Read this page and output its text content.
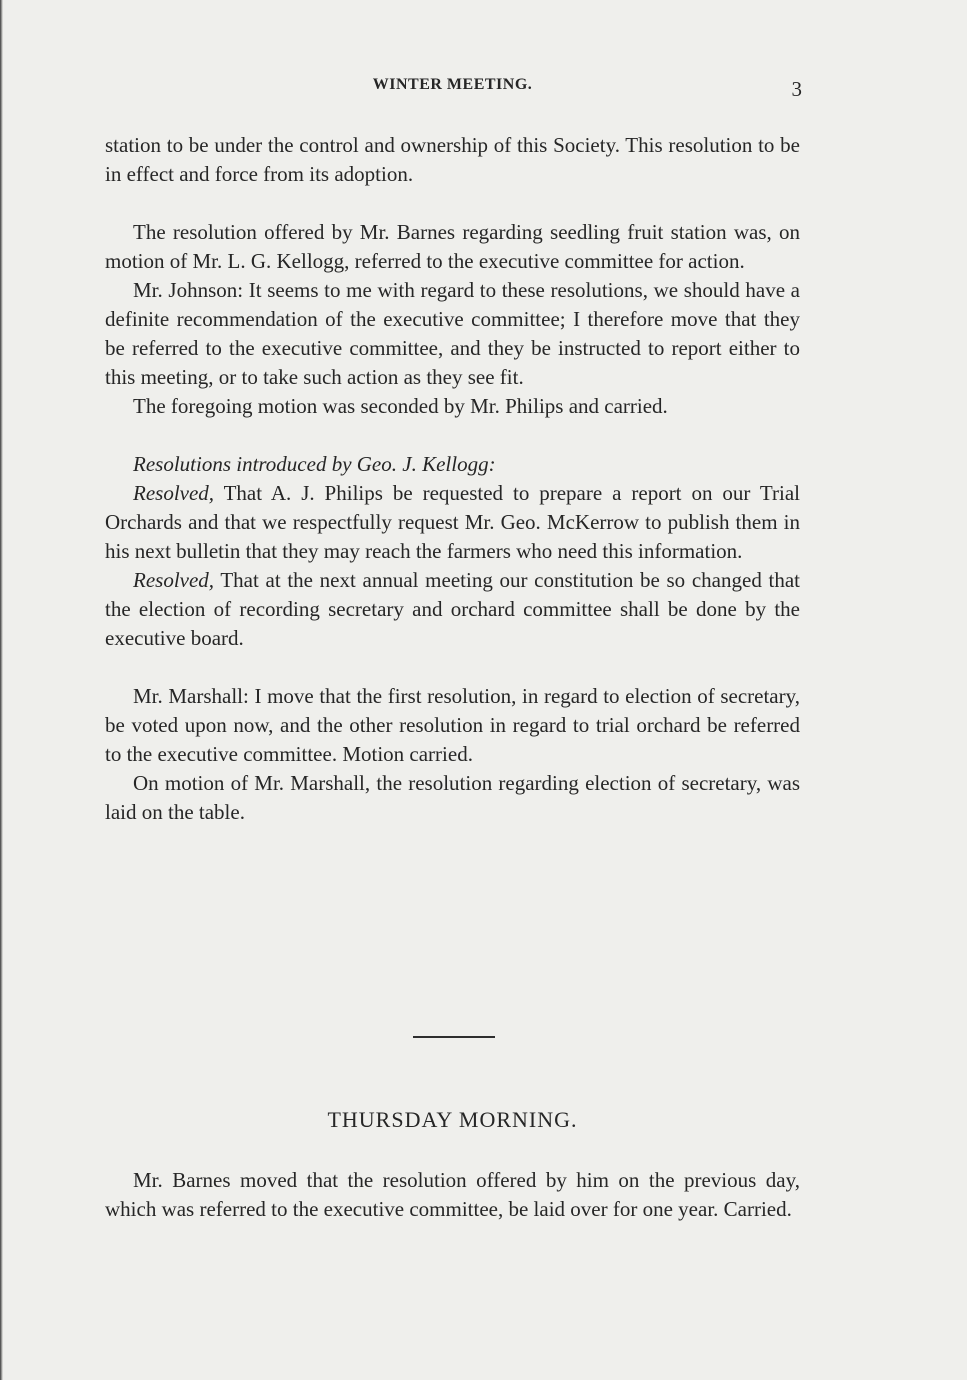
WINTER MEETING.	3

station to be under the control and ownership of this Society. This resolution to be in effect and force from its adoption.

The resolution offered by Mr. Barnes regarding seedling fruit station was, on motion of Mr. L. G. Kellogg, referred to the executive committee for action.

Mr. Johnson: It seems to me with regard to these resolutions, we should have a definite recommendation of the executive committee; I therefore move that they be referred to the executive committee, and they be instructed to report either to this meeting, or to take such action as they see fit.

The foregoing motion was seconded by Mr. Philips and carried.

Resolutions introduced by Geo. J. Kellogg:

Resolved, That A. J. Philips be requested to prepare a report on our Trial Orchards and that we respectfully request Mr. Geo. McKerrow to publish them in his next bulletin that they may reach the farmers who need this information.

Resolved, That at the next annual meeting our constitution be so changed that the election of recording secretary and orchard committee shall be done by the executive board.

Mr. Marshall: I move that the first resolution, in regard to election of secretary, be voted upon now, and the other resolution in regard to trial orchard be referred to the executive committee. Motion carried.

On motion of Mr. Marshall, the resolution regarding election of secretary, was laid on the table.

THURSDAY MORNING.

Mr. Barnes moved that the resolution offered by him on the previous day, which was referred to the executive committee, be laid over for one year. Carried.
